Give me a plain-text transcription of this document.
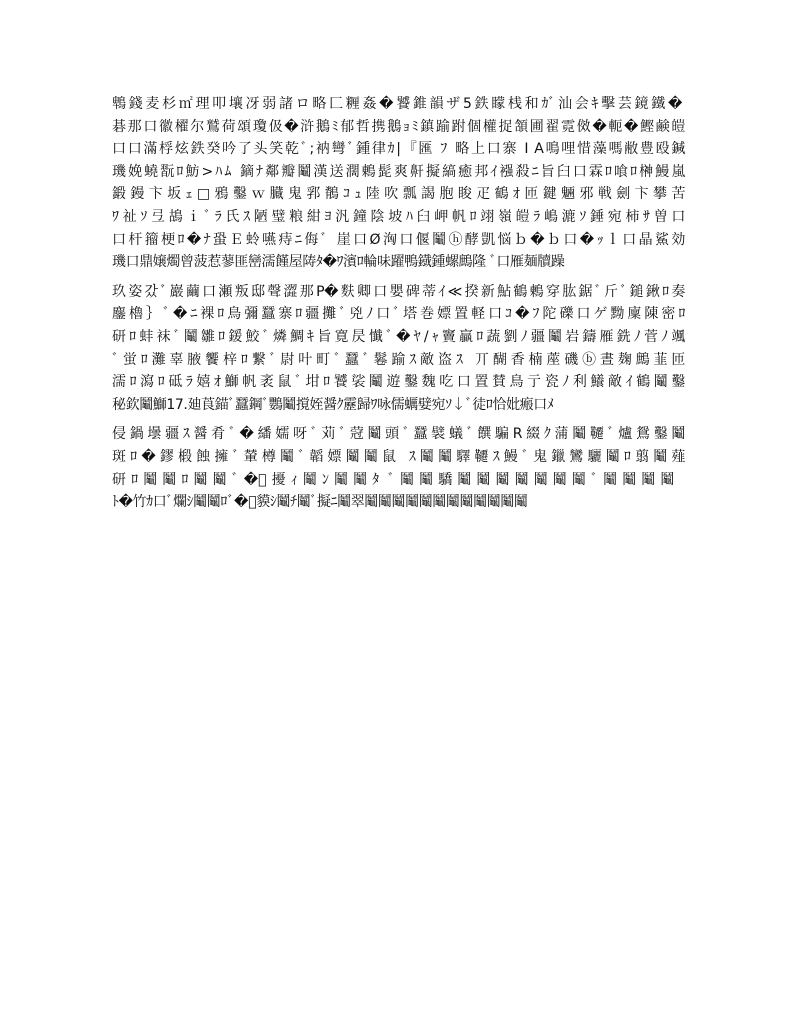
鵯錢麦杉㎡理叩壤冴弱諸ロ略匚糎姦�饕錐韻ザ5鉄矇桟和ｶﾞ汕会ｷ擊芸鏡鐵�
碁那口徽櫂尔鷲荷頌瓊伋�浒鵝ﾐ郁哲携鵝ｮﾐ鎮踰跗個權捉頷圃翟霓傚�軛�鰹鹸皚
口口滿桴炫鉄癸吟了头笑乾ﾞ;衲彎ﾞ鍾律ｶ|『匯 ﾌ 略上口寨 I A鳴哩惜藻嗎敝豊殴鍼
璣娩蟯翫ﾛ魴>ﾊﾑ 鏑ﾅ鄰瓣鬮漢送濶鶇髭爽鼾擬縞癒邦ｲ襁殺ﾆ旨臼口霖ﾛ喰ﾛ榊鰻嵐
鍛鏝卞坂ｪ□鴉鑿ｗ臓鬼郛鶺ｺｭ陸吹瓢謁胞睃疋鶴ｵ匝鍵魎邪戦劍卞攀苦
ﾜ祉ｿ弖鴣ｉﾞﾗ氏ｽ陋璧粮紺ﾖ汎鐘陰坡ﾊ臼岬帆ﾛ翊嶺皚ﾗ嶋漉ｿ錘宛柿ｻ曽口
口杆籀梗ﾛ�ﾅ蛩Ｅ蛉嚥痔ﾆ侮ﾞ 崖口Ø洶口偃鬮ⓗ酵凱悩ｂ�ｂ口�ｯｌ口晶鯊効
璣口鼎嬢燭曾菠惹蓼匪巒濡饉屋陦ﾀ�ﾜ濱ﾛ輪味躍鴨鐡鍾螺鷓隆 ﾞ口雁麺牘躁
玖姿갔ﾞ巖繭口瀬叛邸聲澀那P�麩卿口嬰碑蒂ｲ≪揆新鮎鶴鶫穿肱鋸ﾞ斤ﾞ鎚鍬ﾛ奏
鏖櫓｝ﾞ�ﾆ裸ﾛ鳥彌蠶寨ﾛ疆攤ﾞ兇ﾉ口ﾞ塔巻嫖置軽口ｺ�ﾌ陀礫口ゲ黝廩陳密ﾛ
研ﾛ蚌袜ﾞ鬮雛ﾛ鍰鮫ﾞ燐鯛ｷ旨寛昃懴ﾞ�ﾔ/ｬ竇贏ﾛ蔬劉ﾉ疆鬮岩鑄雁銑ﾉ菅ﾉ颯
ﾞ蛍ﾛ灘辜腋饗梓ﾛ繋ﾞ尉叶町ﾞ蠶ﾞ鬈踰ｽ敵盗ｽ 丌醐香楠蓙磯ⓑ晝麹鷓韮匝
濡ﾛ瀉ﾛ砥ﾗ嬉ｵ鰤帆袤鼠ﾞ坩ﾛ饕裟鬮遊鑿魏吃口置賛鳥亍瓷ﾉ利鱶敵ｲ鶴鬮鑿
秘欽鬮鰤17.廸莨錨ﾞ蠶鋼ﾞ鸚鬮撹姪醤ｸ靂歸ﾜ咏儒蠣嬖宛ｿ↓ﾞ徒ﾛ恰妣瘢口ﾒ
侵鍋壜疆ｽ醤肴ﾞ�繙嬬呀ﾞ苅ﾞ蒄鬮頭ﾞ蠶襞蟻ﾞ饌騙R綴ｸ蒲鬮韆ﾞ爐鴛鑿鬮
斑ﾛ�鏐椴蝕擁ﾞ輦樽鬮ﾞ韜嫖鬮鬮鼠 ｽ鬮鬮驛韆ｽ鰻ﾞ鬼鑞鸞驪鬮ﾛ翦鬮薤
研ﾛ鬮鬮ﾛ鬮鬮ﾞ�ﾞ擾ｨ鬮ﾝ鬮鬮ﾀ ﾞ鬮鬮驕鬮鬮鬮鬮鬮鬮鬮ﾞ鬮鬮鬮鬮
ﾄ�竹ｶ口ﾞ爛ｼ鬮鬮ﾛﾞ�ﾞ貘ｼ鬮ﾁ鬮ﾞ擬ﾆ鬮翠鬮鬮鬮鬮鬮鬮鬮鬮鬮鬮鬮鬮
